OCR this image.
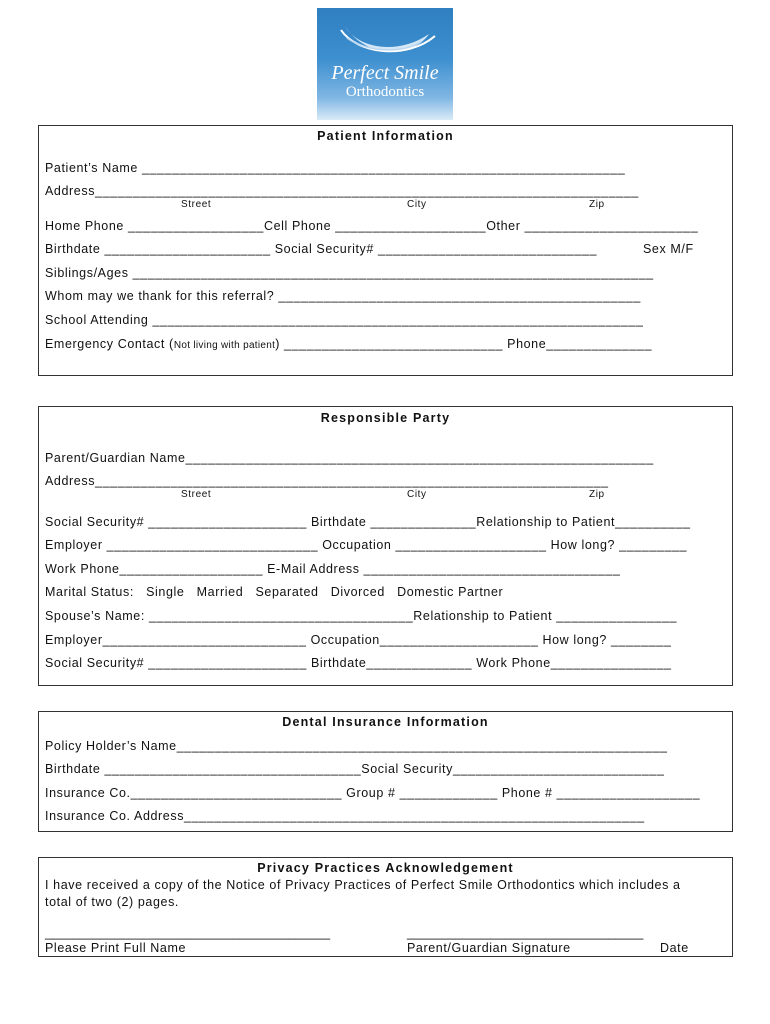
Perfect Smile
Orthodontics
Patient Information
Patient’s Name ________________________________________________________________
Address________________________________________________________________________
Street	City	Zip
Home Phone __________________Cell Phone ____________________Other _______________________
Birthdate ______________________ Social Security# _____________________________	Sex M/F
Siblings/Ages _____________________________________________________________________
Whom may we thank for this referral? ________________________________________________
School Attending _________________________________________________________________
Emergency Contact (Not living with patient) _____________________________ Phone______________
Responsible Party
Parent/Guardian Name______________________________________________________________
Address____________________________________________________________________
Street	City	Zip
Social Security# _____________________ Birthdate ______________Relationship to Patient__________
Employer ____________________________ Occupation ____________________ How long? _________
Work Phone___________________ E-Mail Address __________________________________
Marital Status:   Single   Married   Separated   Divorced   Domestic Partner
Spouse’s Name: ___________________________________Relationship to Patient ________________
Employer___________________________ Occupation_____________________ How long? ________
Social Security# _____________________ Birthdate______________ Work Phone________________
Dental Insurance Information
Policy Holder’s Name_________________________________________________________________
Birthdate __________________________________Social Security____________________________
Insurance Co.____________________________ Group # _____________ Phone # ___________________
Insurance Co. Address_____________________________________________________________
Privacy Practices Acknowledgement
I have received a copy of the Notice of Privacy Practices of Perfect Smile Orthodontics which includes a
total of two (2) pages.
_________________________________________	__________________________________
Please Print Full Name	Parent/Guardian Signature	Date
